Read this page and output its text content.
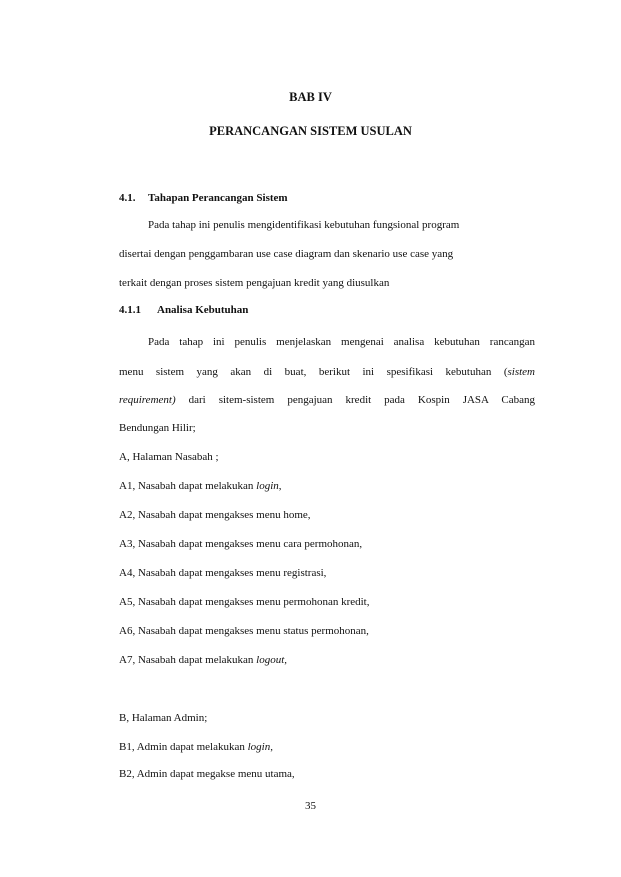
BAB IV
PERANCANGAN SISTEM USULAN
4.1. Tahapan Perancangan Sistem
Pada tahap ini penulis mengidentifikasi kebutuhan fungsional program
disertai dengan penggambaran use case diagram dan skenario use case yang
terkait dengan proses sistem pengajuan kredit yang diusulkan
4.1.1 Analisa Kebutuhan
Pada tahap ini penulis menjelaskan mengenai analisa kebutuhan rancangan
menu sistem yang akan di buat, berikut ini spesifikasi kebutuhan (sistem
requirement) dari sitem-sistem pengajuan kredit pada Kospin JASA Cabang
Bendungan Hilir;
A, Halaman Nasabah ;
A1, Nasabah dapat melakukan login,
A2, Nasabah dapat mengakses menu home,
A3, Nasabah dapat mengakses menu cara permohonan,
A4, Nasabah dapat mengakses menu registrasi,
A5, Nasabah dapat mengakses menu permohonan kredit,
A6, Nasabah dapat mengakses menu status permohonan,
A7, Nasabah dapat melakukan logout,
B, Halaman Admin;
B1, Admin dapat melakukan login,
B2, Admin dapat megakse menu utama,
35
